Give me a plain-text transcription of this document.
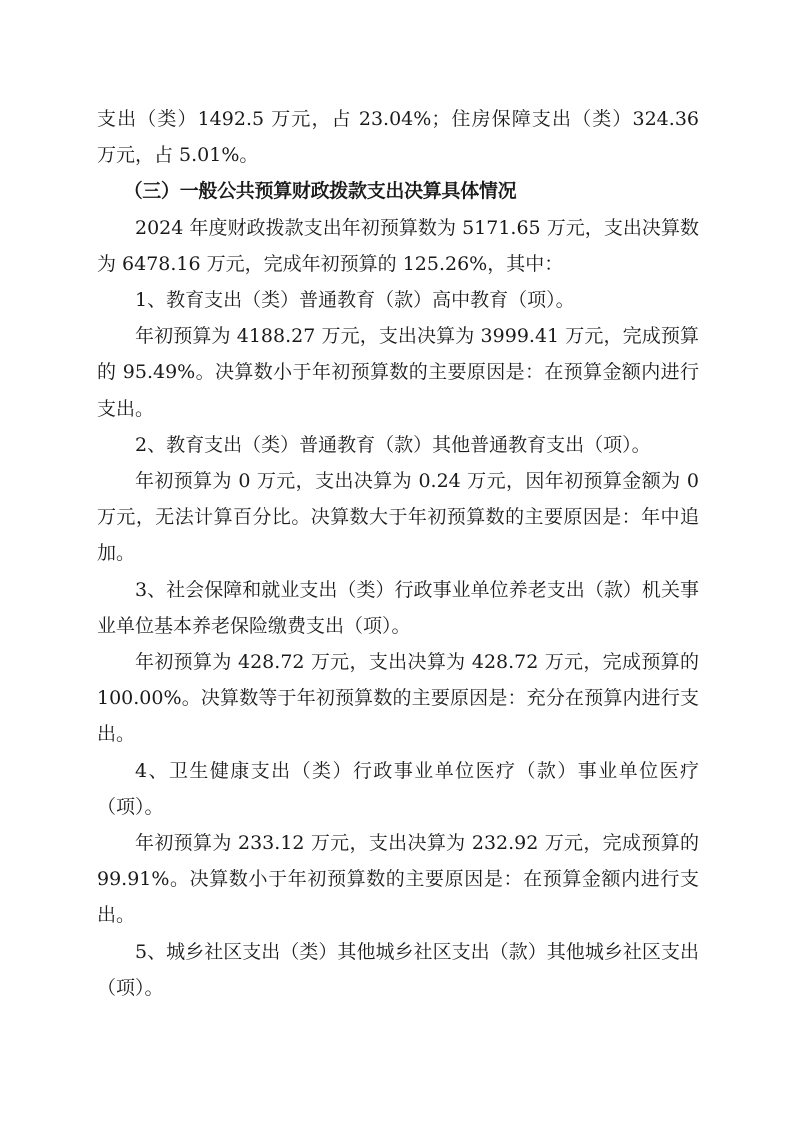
支出（类）1492.5 万元，占 23.04%；住房保障支出（类）324.36 万元，占 5.01%。

（三）一般公共预算财政拨款支出决算具体情况

2024 年度财政拨款支出年初预算数为 5171.65 万元，支出决算数为 6478.16 万元，完成年初预算的 125.26%，其中：

1、教育支出（类）普通教育（款）高中教育（项）。

年初预算为 4188.27 万元，支出决算为 3999.41 万元，完成预算的 95.49%。决算数小于年初预算数的主要原因是：在预算金额内进行支出。

2、教育支出（类）普通教育（款）其他普通教育支出（项）。

年初预算为 0 万元，支出决算为 0.24 万元，因年初预算金额为 0 万元，无法计算百分比。决算数大于年初预算数的主要原因是：年中追加。

3、社会保障和就业支出（类）行政事业单位养老支出（款）机关事业单位基本养老保险缴费支出（项）。

年初预算为 428.72 万元，支出决算为 428.72 万元，完成预算的 100.00%。决算数等于年初预算数的主要原因是：充分在预算内进行支出。

4、卫生健康支出（类）行政事业单位医疗（款）事业单位医疗（项）。

年初预算为 233.12 万元，支出决算为 232.92 万元，完成预算的 99.91%。决算数小于年初预算数的主要原因是：在预算金额内进行支出。

5、城乡社区支出（类）其他城乡社区支出（款）其他城乡社区支出（项）。
